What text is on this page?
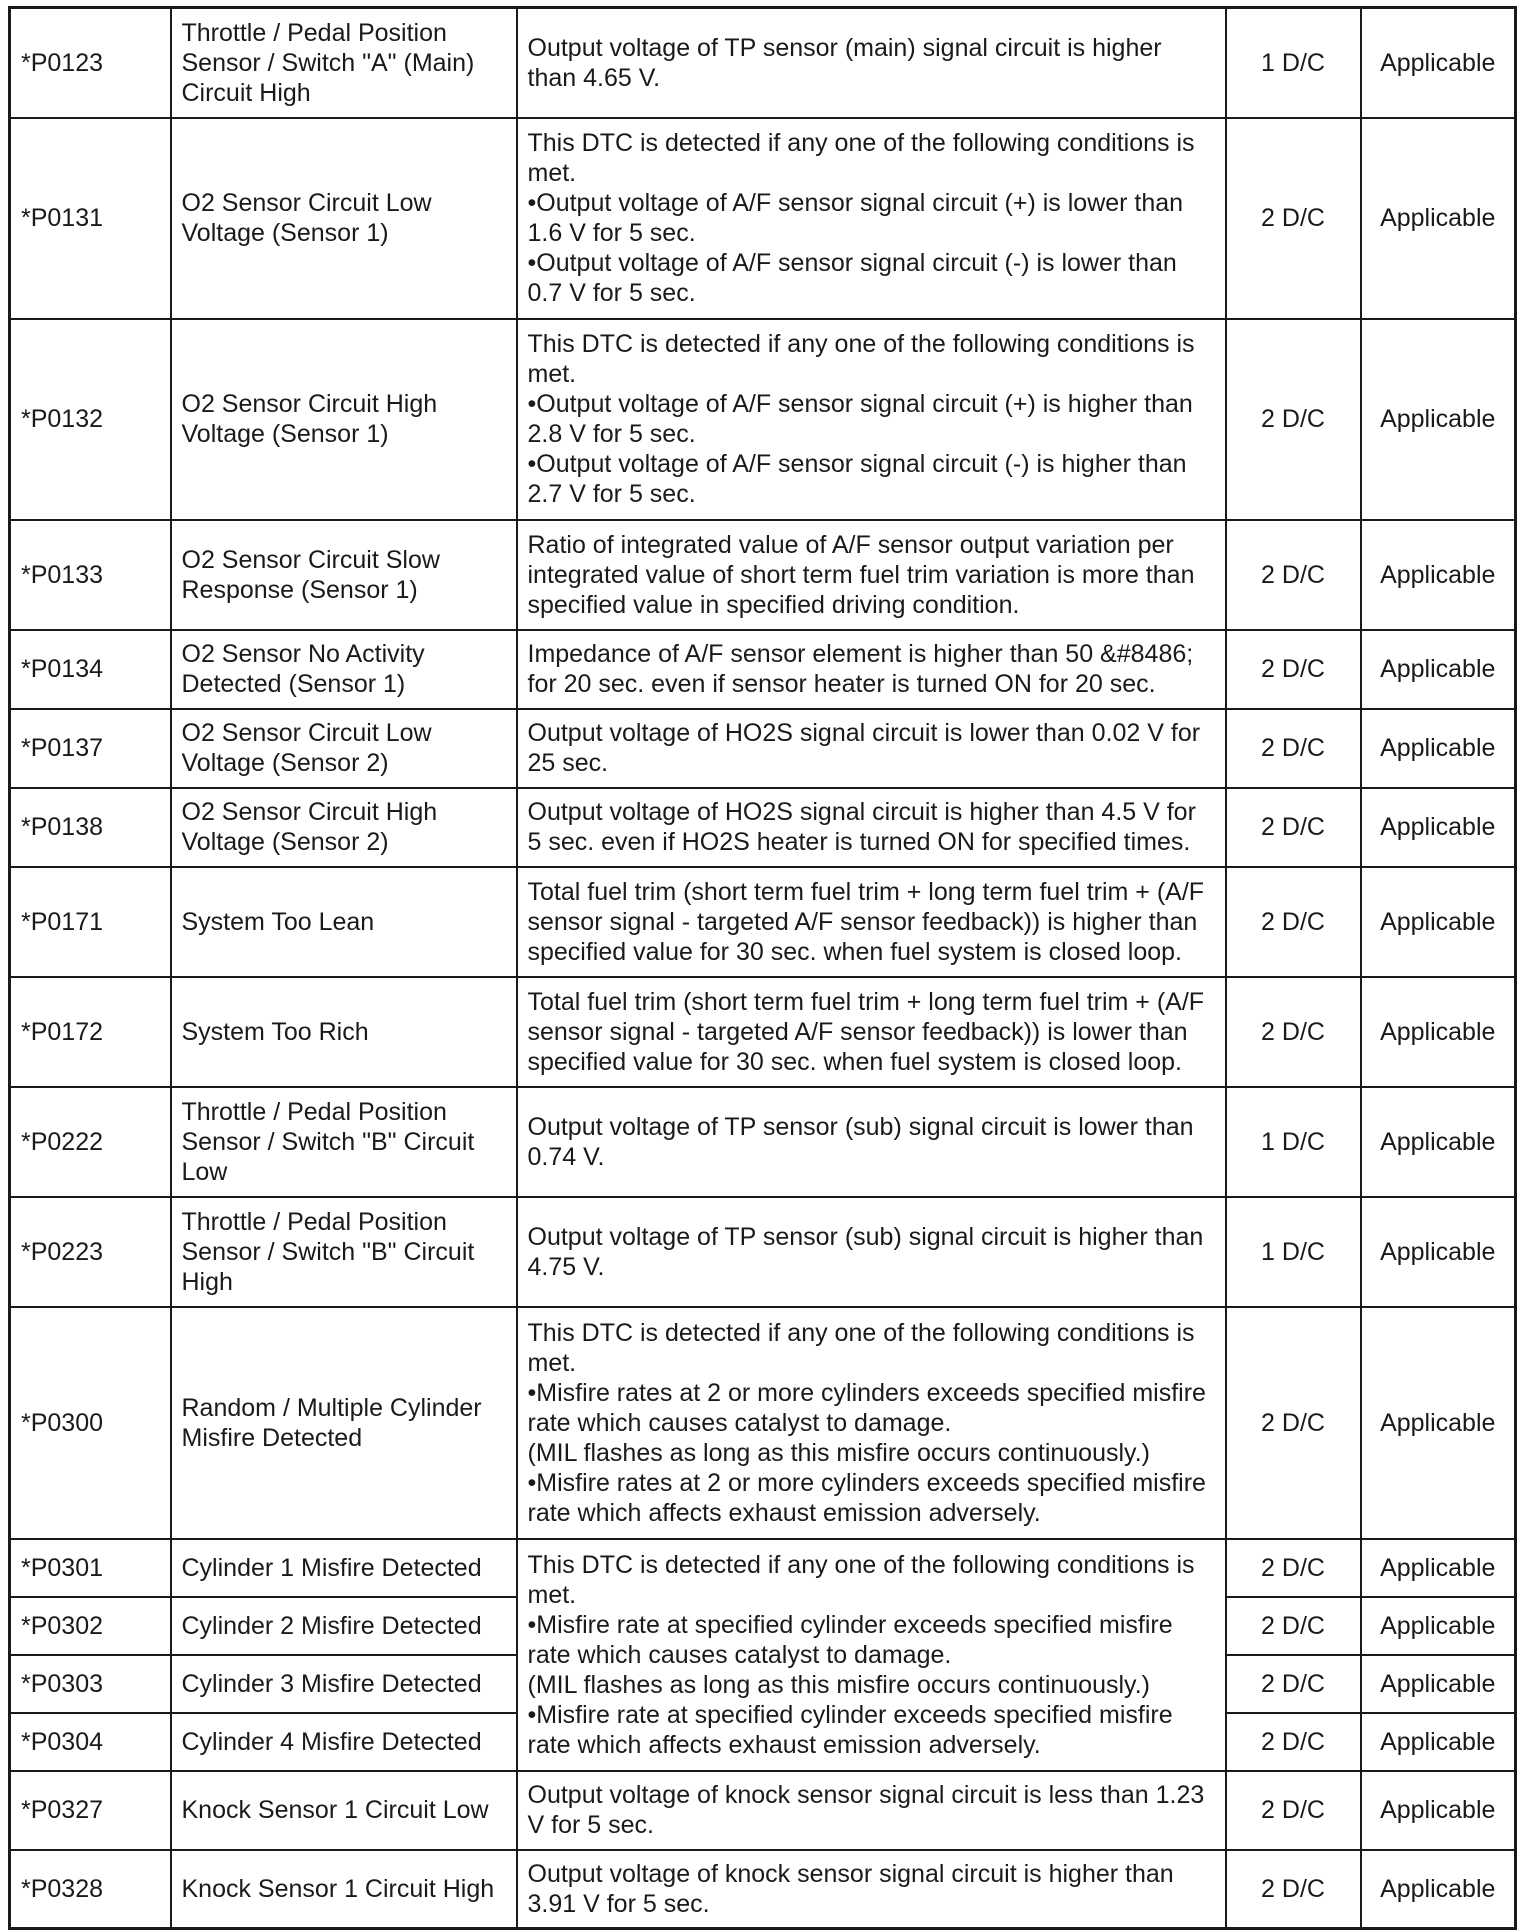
*P0123	Throttle / Pedal Position Sensor / Switch "A" (Main) Circuit High	Output voltage of TP sensor (main) signal circuit is higher than 4.65 V.	1 D/C	Applicable
*P0131	O2 Sensor Circuit Low Voltage (Sensor 1)	This DTC is detected if any one of the following conditions is met.
•Output voltage of A/F sensor signal circuit (+) is lower than 1.6 V for 5 sec.
•Output voltage of A/F sensor signal circuit (-) is lower than 0.7 V for 5 sec.	2 D/C	Applicable
*P0132	O2 Sensor Circuit High Voltage (Sensor 1)	This DTC is detected if any one of the following conditions is met.
•Output voltage of A/F sensor signal circuit (+) is higher than 2.8 V for 5 sec.
•Output voltage of A/F sensor signal circuit (-) is higher than 2.7 V for 5 sec.	2 D/C	Applicable
*P0133	O2 Sensor Circuit Slow Response (Sensor 1)	Ratio of integrated value of A/F sensor output variation per integrated value of short term fuel trim variation is more than specified value in specified driving condition.	2 D/C	Applicable
*P0134	O2 Sensor No Activity Detected (Sensor 1)	Impedance of A/F sensor element is higher than 50 &#8486; for 20 sec. even if sensor heater is turned ON for 20 sec.	2 D/C	Applicable
*P0137	O2 Sensor Circuit Low Voltage (Sensor 2)	Output voltage of HO2S signal circuit is lower than 0.02 V for 25 sec.	2 D/C	Applicable
*P0138	O2 Sensor Circuit High Voltage (Sensor 2)	Output voltage of HO2S signal circuit is higher than 4.5 V for 5 sec. even if HO2S heater is turned ON for specified times.	2 D/C	Applicable
*P0171	System Too Lean	Total fuel trim (short term fuel trim + long term fuel trim + (A/F sensor signal - targeted A/F sensor feedback)) is higher than specified value for 30 sec. when fuel system is closed loop.	2 D/C	Applicable
*P0172	System Too Rich	Total fuel trim (short term fuel trim + long term fuel trim + (A/F sensor signal - targeted A/F sensor feedback)) is lower than specified value for 30 sec. when fuel system is closed loop.	2 D/C	Applicable
*P0222	Throttle / Pedal Position Sensor / Switch "B" Circuit Low	Output voltage of TP sensor (sub) signal circuit is lower than 0.74 V.	1 D/C	Applicable
*P0223	Throttle / Pedal Position Sensor / Switch "B" Circuit High	Output voltage of TP sensor (sub) signal circuit is higher than 4.75 V.	1 D/C	Applicable
*P0300	Random / Multiple Cylinder Misfire Detected	This DTC is detected if any one of the following conditions is met.
•Misfire rates at 2 or more cylinders exceeds specified misfire rate which causes catalyst to damage.
(MIL flashes as long as this misfire occurs continuously.)
•Misfire rates at 2 or more cylinders exceeds specified misfire rate which affects exhaust emission adversely.	2 D/C	Applicable
*P0301	Cylinder 1 Misfire Detected	This DTC is detected if any one of the following conditions is met.
•Misfire rate at specified cylinder exceeds specified misfire rate which causes catalyst to damage.
(MIL flashes as long as this misfire occurs continuously.)
•Misfire rate at specified cylinder exceeds specified misfire rate which affects exhaust emission adversely.	2 D/C	Applicable
*P0302	Cylinder 2 Misfire Detected		2 D/C	Applicable
*P0303	Cylinder 3 Misfire Detected		2 D/C	Applicable
*P0304	Cylinder 4 Misfire Detected		2 D/C	Applicable
*P0327	Knock Sensor 1 Circuit Low	Output voltage of knock sensor signal circuit is less than 1.23 V for 5 sec.	2 D/C	Applicable
*P0328	Knock Sensor 1 Circuit High	Output voltage of knock sensor signal circuit is higher than 3.91 V for 5 sec.	2 D/C	Applicable
